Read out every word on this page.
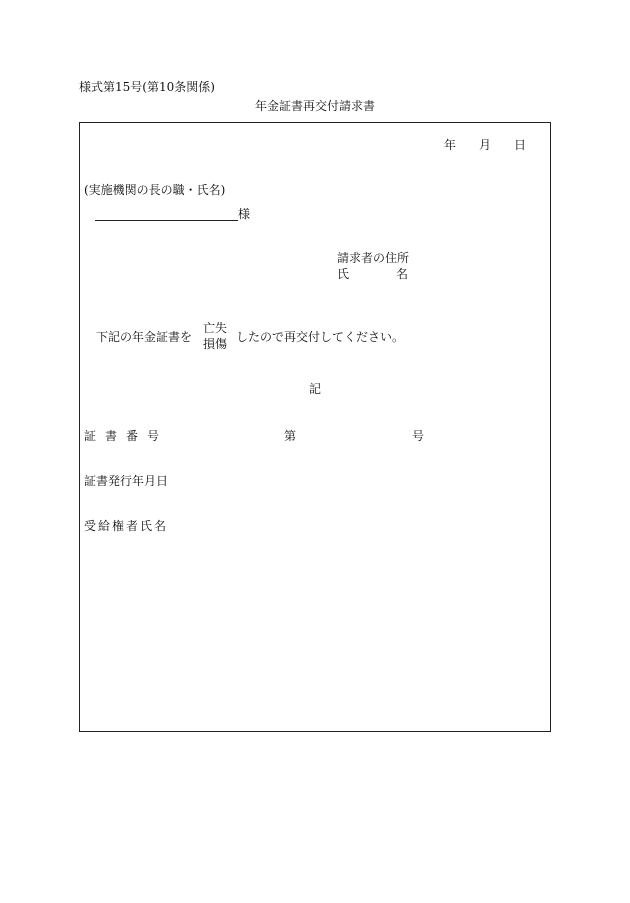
様式第15号(第10条関係)
年金証書再交付請求書
年 月 日
(実施機関の長の職・氏名)
様
請求者の住所
氏	名
下記の年金証書を
亡失
損傷 したので再交付してください。
記
証書番号	第	号
証書発行年月日
受給権者氏名
